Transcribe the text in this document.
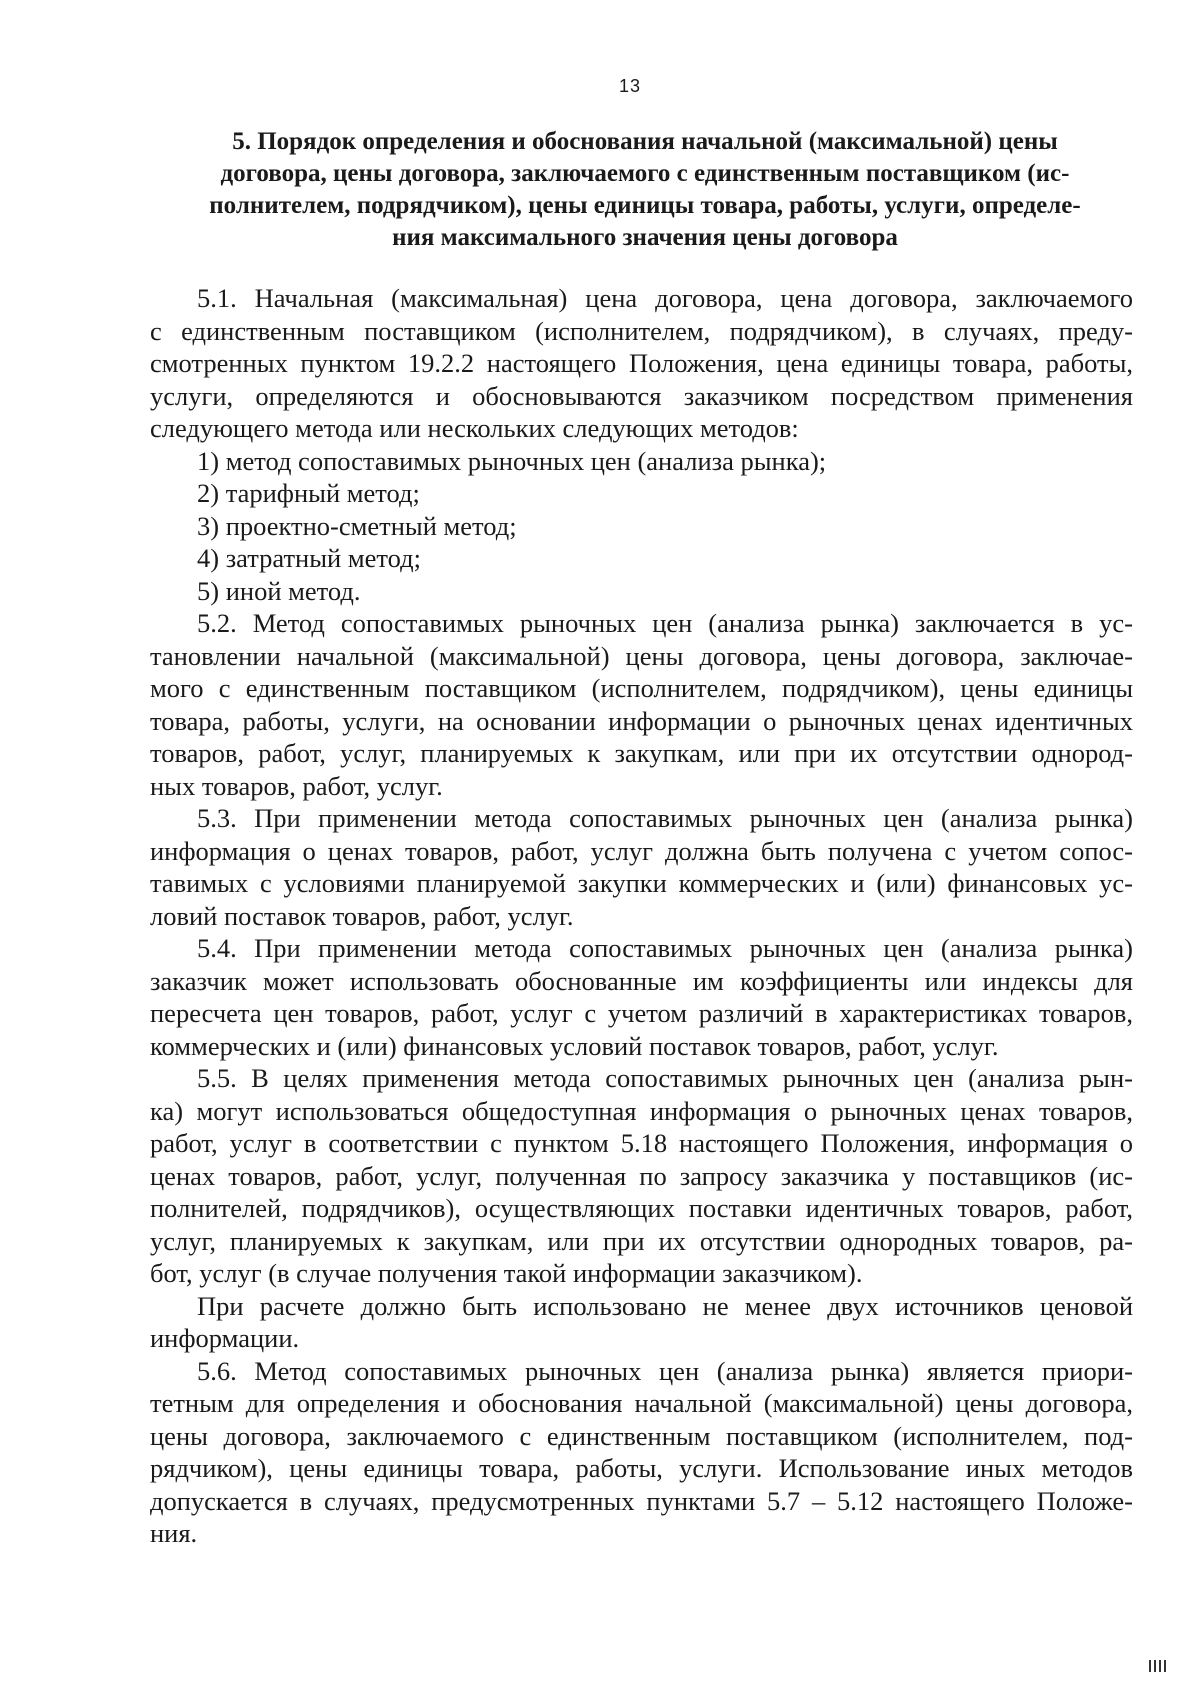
13
5. Порядок определения и обоснования начальной (максимальной) цены
договора, цены договора, заключаемого с единственным поставщиком (ис-
полнителем, подрядчиком), цены единицы товара, работы, услуги, определе-
ния максимального значения цены договора
5.1. Начальная (максимальная) цена договора, цена договора, заключаемого
с единственным поставщиком (исполнителем, подрядчиком), в случаях, преду-
смотренных пунктом 19.2.2 настоящего Положения, цена единицы товара, работы,
услуги, определяются и обосновываются заказчиком посредством применения
следующего метода или нескольких следующих методов:
1) метод сопоставимых рыночных цен (анализа рынка);
2) тарифный метод;
3) проектно-сметный метод;
4) затратный метод;
5) иной метод.
5.2. Метод сопоставимых рыночных цен (анализа рынка) заключается в ус-
тановлении начальной (максимальной) цены договора, цены договора, заключае-
мого с единственным поставщиком (исполнителем, подрядчиком), цены единицы
товара, работы, услуги, на основании информации о рыночных ценах идентичных
товаров, работ, услуг, планируемых к закупкам, или при их отсутствии однород-
ных товаров, работ, услуг.
5.3. При применении метода сопоставимых рыночных цен (анализа рынка)
информация о ценах товаров, работ, услуг должна быть получена с учетом сопос-
тавимых с условиями планируемой закупки коммерческих и (или) финансовых ус-
ловий поставок товаров, работ, услуг.
5.4. При применении метода сопоставимых рыночных цен (анализа рынка)
заказчик может использовать обоснованные им коэффициенты или индексы для
пересчета цен товаров, работ, услуг с учетом различий в характеристиках товаров,
коммерческих и (или) финансовых условий поставок товаров, работ, услуг.
5.5. В целях применения метода сопоставимых рыночных цен (анализа рын-
ка) могут использоваться общедоступная информация о рыночных ценах товаров,
работ, услуг в соответствии с пунктом 5.18 настоящего Положения, информация о
ценах товаров, работ, услуг, полученная по запросу заказчика у поставщиков (ис-
полнителей, подрядчиков), осуществляющих поставки идентичных товаров, работ,
услуг, планируемых к закупкам, или при их отсутствии однородных товаров, ра-
бот, услуг (в случае получения такой информации заказчиком).
При расчете должно быть использовано не менее двух источников ценовой
информации.
5.6. Метод сопоставимых рыночных цен (анализа рынка) является приори-
тетным для определения и обоснования начальной (максимальной) цены договора,
цены договора, заключаемого с единственным поставщиком (исполнителем, под-
рядчиком), цены единицы товара, работы, услуги. Использование иных методов
допускается в случаях, предусмотренных пунктами 5.7 – 5.12 настоящего Положе-
ния.
